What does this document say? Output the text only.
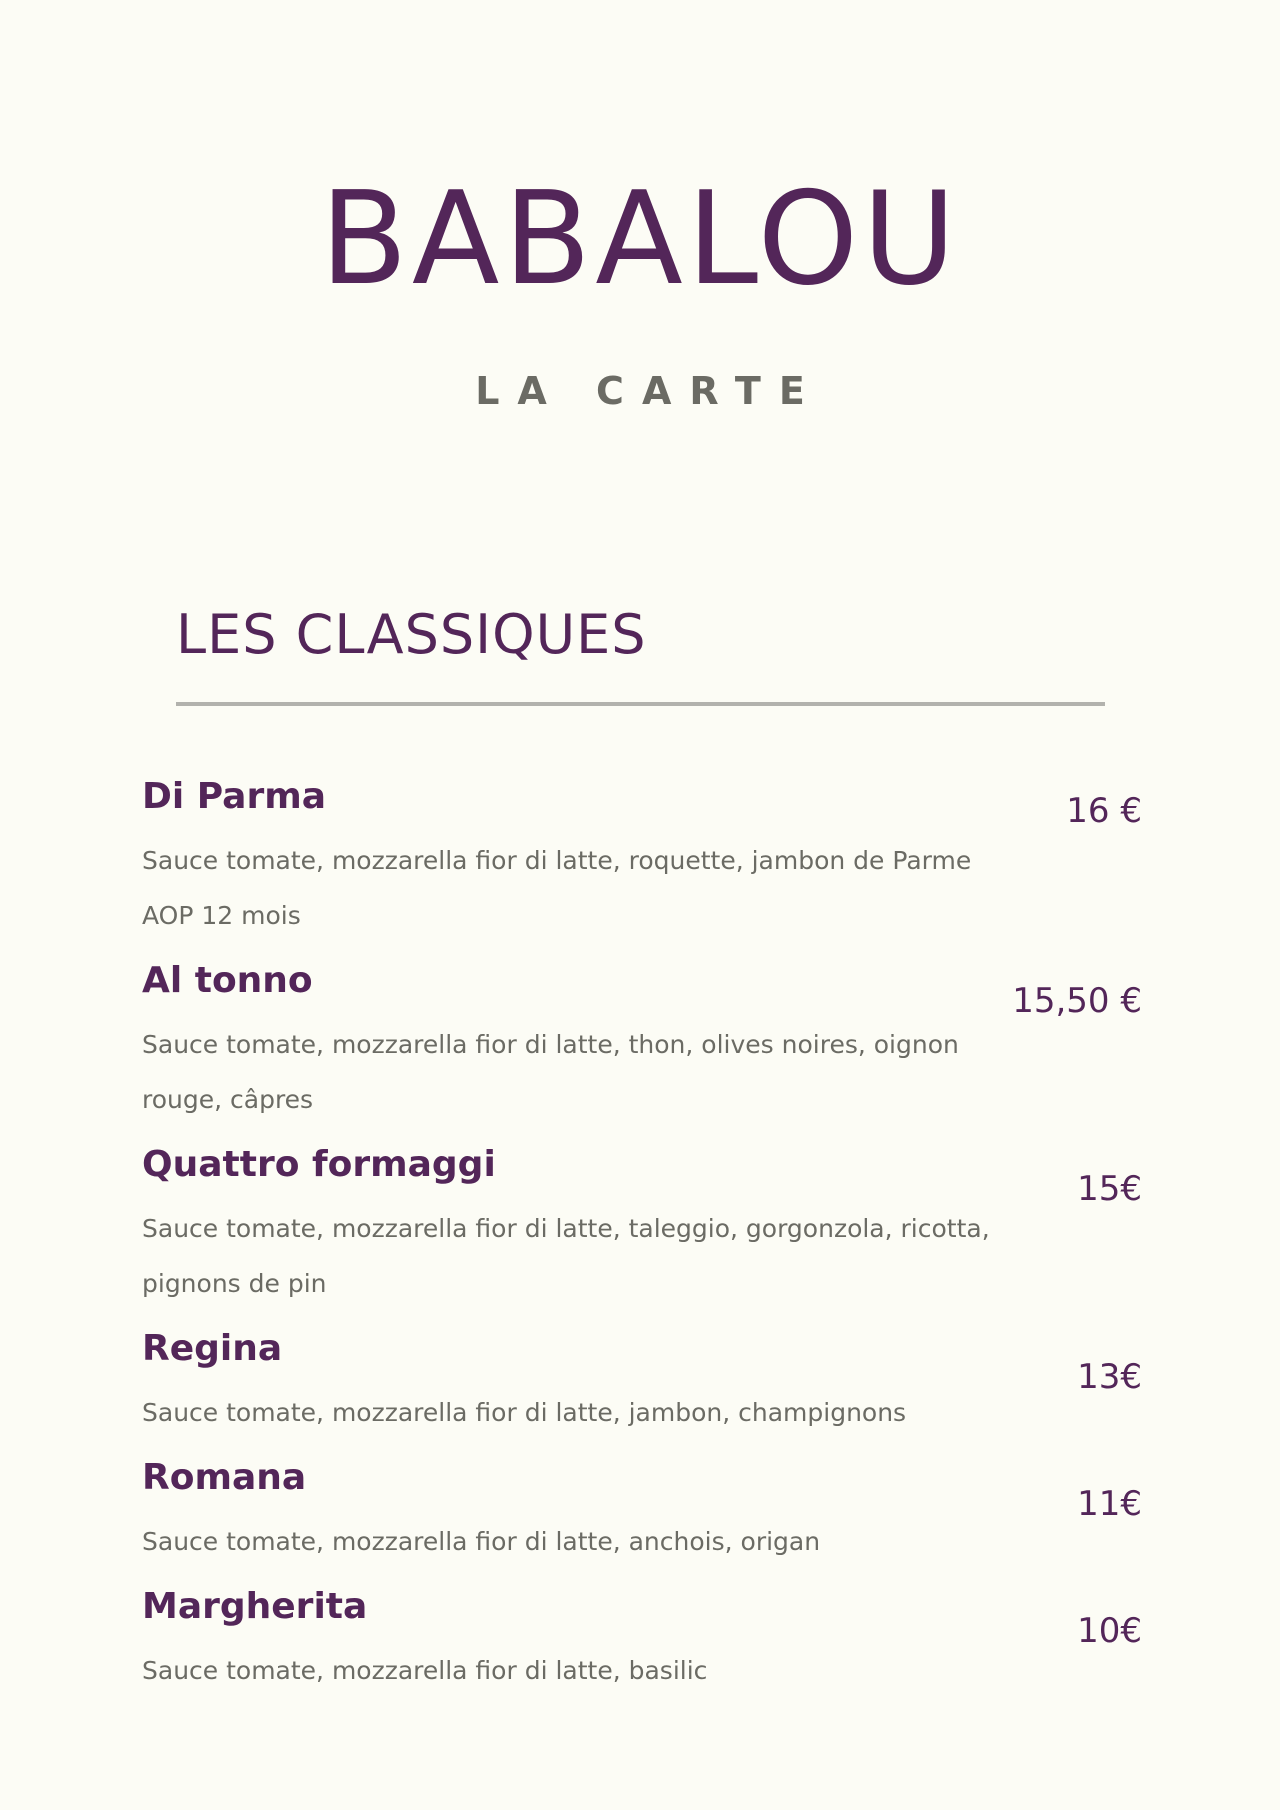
BABALOU
LA CARTE
LES CLASSIQUES
Di Parma
Sauce tomate, mozzarella fior di latte, roquette, jambon de Parme AOP 12 mois
16 €
Al tonno
Sauce tomate, mozzarella fior di latte, thon, olives noires, oignon rouge, câpres
15,50 €
Quattro formaggi
Sauce tomate, mozzarella fior di latte, taleggio, gorgonzola, ricotta, pignons de pin
15€
Regina
Sauce tomate, mozzarella fior di latte, jambon, champignons
13€
Romana
Sauce tomate, mozzarella fior di latte, anchois, origan
11€
Margherita
Sauce tomate, mozzarella fior di latte, basilic
10€
